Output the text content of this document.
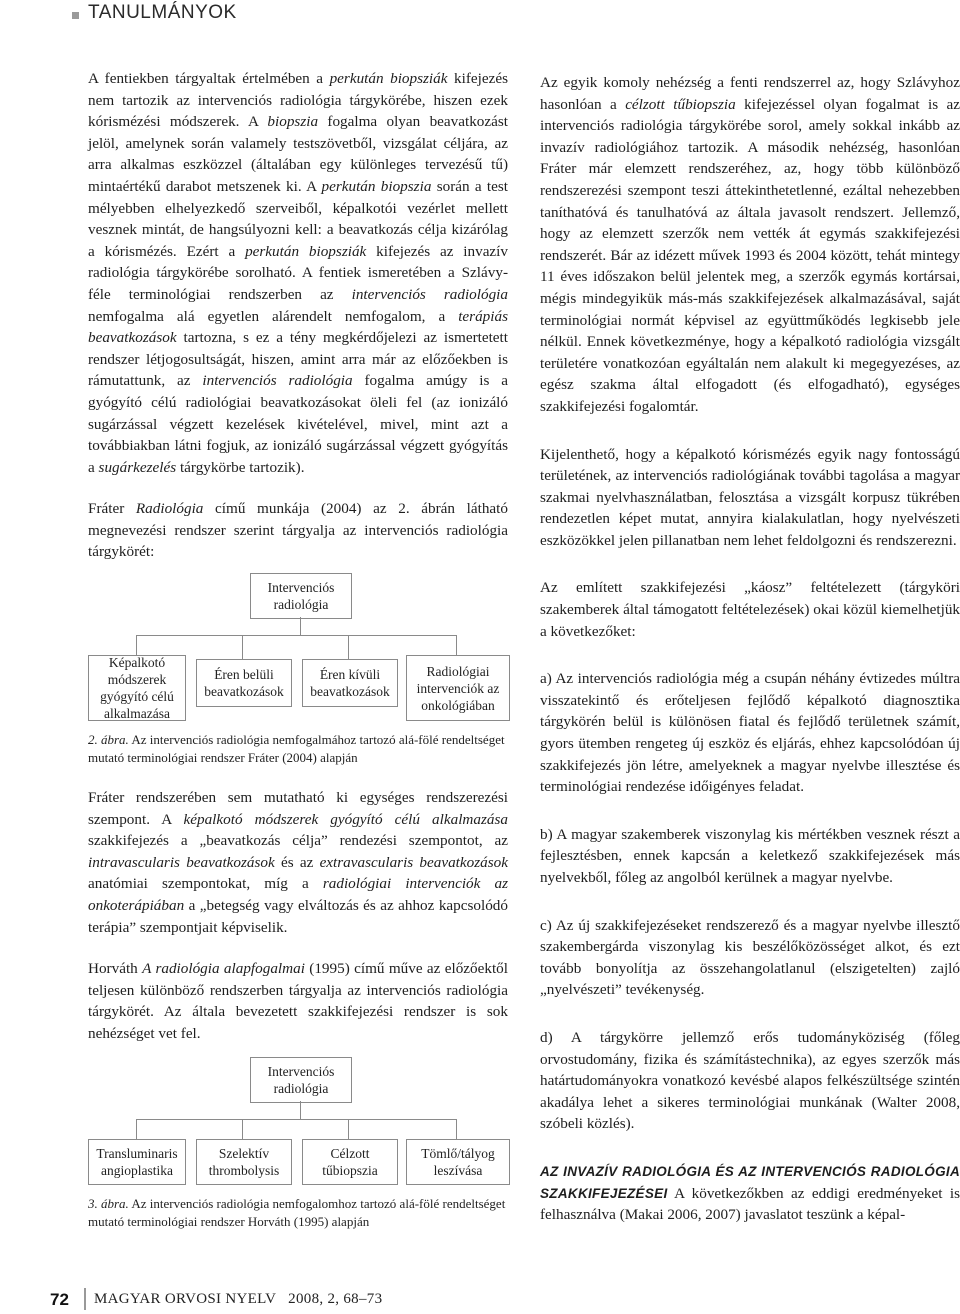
TANULMÁNYOK

A fentiekben tárgyaltak értelmében a perkután biopsziák kifejezés nem tartozik az intervenciós radiológia tárgykörébe, hiszen ezek kórismézési módszerek. A biopszia fogalma olyan beavatkozást jelöl, amelynek során valamely testszövetből, vizsgálat céljára, az arra alkalmas eszközzel (általában egy különleges tervezésű tű) mintaértékű darabot metszenek ki. A perkután biopszia során a test mélyebben elhelyezkedő szerveiből, képalkotói vezérlet mellett vesznek mintát, de hangsúlyozni kell: a beavatkozás célja kizárólag a kórismézés. Ezért a perkután biopsziák kifejezés az invazív radiológia tárgykörébe sorolható. A fentiek ismeretében a Szlávy-féle terminológiai rendszerben az intervenciós radiológia nemfogalma alá egyetlen alárendelt nemfogalom, a terápiás beavatkozások tartozna, s ez a tény megkérdőjelezi az ismertetett rendszer létjogosultságát, hiszen, amint arra már az előzőekben is rámutattunk, az intervenciós radiológia fogalma amúgy is a gyógyító célú radiológiai beavatkozásokat öleli fel (az ionizáló sugárzással végzett kezelések kivételével, mivel, mint azt a továbbiakban látni fogjuk, az ionizáló sugárzással végzett gyógyítás a sugárkezelés tárgykörbe tartozik).

Fráter Radiológia című munkája (2004) az 2. ábrán látható megnevezési rendszer szerint tárgyalja az intervenciós radiológia tárgykörét:

Intervenciós radiológia
Képalkotó módszerek gyógyító célú alkalmazása
Éren belüli beavatkozások
Éren kívüli beavatkozások
Radiológiai intervenciók az onkológiában

2. ábra. Az intervenciós radiológia nemfogalmához tartozó alá-fölé rendeltséget mutató terminológiai rendszer Fráter (2004) alapján

Fráter rendszerében sem mutatható ki egységes rendszerezési szempont. A képalkotó módszerek gyógyító célú alkalmazása szakkifejezés a „beavatkozás célja” rendezési szempontot, az intravascularis beavatkozások és az extravascularis beavatkozások anatómiai szempontokat, míg a radiológiai intervenciók az onkoterápiában a „betegség vagy elváltozás és az ahhoz kapcsolódó terápia” szempontjait képviselik.

Horváth A radiológia alapfogalmai (1995) című műve az előzőektől teljesen különböző rendszerben tárgyalja az intervenciós radiológia tárgykörét. Az általa bevezetett szakkifejezési rendszer is sok nehézséget vet fel.

Intervenciós radiológia
Transluminaris angioplastika
Szelektív thrombolysis
Célzott tűbiopszia
Tömlő/tályog leszívása

3. ábra. Az intervenciós radiológia nemfogalomhoz tartozó alá-fölé rendeltséget mutató terminológiai rendszer Horváth (1995) alapján

Az egyik komoly nehézség a fenti rendszerrel az, hogy Szlávyhoz hasonlóan a célzott tűbiopszia kifejezéssel olyan fogalmat is az intervenciós radiológia tárgykörébe sorol, amely sokkal inkább az invazív radiológiához tartozik. A második nehézség, hasonlóan Fráter már elemzett rendszeréhez, az, hogy több különböző rendszerezési szempont teszi áttekinthetetlenné, ezáltal nehezebben taníthatóvá és tanulhatóvá az általa javasolt rendszert. Jellemző, hogy az elemzett szerzők nem vették át egymás szakkifejezési rendszerét. Bár az idézett művek 1993 és 2004 között, tehát mintegy 11 éves időszakon belül jelentek meg, a szerzők egymás kortársai, mégis mindegyikük más-más szakkifejezések alkalmazásával, saját terminológiai normát képvisel az együttműködés legkisebb jele nélkül. Ennek következménye, hogy a képalkotó radiológia vizsgált területére vonatkozóan egyáltalán nem alakult ki megegyezéses, az egész szakma által elfogadott (és elfogadható), egységes szakkifejezési fogalomtár.

Kijelenthető, hogy a képalkotó kórismézés egyik nagy fontosságú területének, az intervenciós radiológiának további tagolása a magyar szakmai nyelvhasználatban, felosztása a vizsgált korpusz tükrében rendezetlen képet mutat, annyira kialakulatlan, hogy nyelvészeti eszközökkel jelen pillanatban nem lehet feldolgozni és rendszerezni.

Az említett szakkifejezési „káosz” feltételezett (tárgyköri szakemberek által támogatott feltételezések) okai közül kiemelhetjük a következőket:

a) Az intervenciós radiológia még a csupán néhány évtizedes múltra visszatekintő és erőteljesen fejlődő képalkotó diagnosztika tárgykörén belül is különösen fiatal és fejlődő területnek számít, gyors ütemben rengeteg új eszköz és eljárás, ehhez kapcsolódóan új szakkifejezés jön létre, amelyeknek a magyar nyelvbe illesztése és terminológiai rendezése időigényes feladat.

b) A magyar szakemberek viszonylag kis mértékben vesznek részt a fejlesztésben, ennek kapcsán a keletkező szakkifejezések más nyelvekből, főleg az angolból kerülnek a magyar nyelvbe.

c) Az új szakkifejezéseket rendszerező és a magyar nyelvbe illesztő szakembergárda viszonylag kis beszélőközösséget alkot, és ezt tovább bonyolítja az összehangolatlanul (elszigetelten) zajló „nyelvészeti” tevékenység.

d) A tárgykörre jellemző erős tudományköziség (főleg orvostudomány, fizika és számítástechnika), az egyes szerzők más határtudományokra vonatkozó kevésbé alapos felkészültsége szintén akadálya lehet a sikeres terminológiai munkának (Walter 2008, szóbeli közlés).

AZ INVAZÍV RADIOLÓGIA ÉS AZ INTERVENCIÓS RADIOLÓGIA SZAKKIFEJEZÉSEI A következőkben az eddigi eredményeket is felhasználva (Makai 2006, 2007) javaslatot teszünk a képal-

72 MAGYAR ORVOSI NYELV   2008, 2, 68–73
